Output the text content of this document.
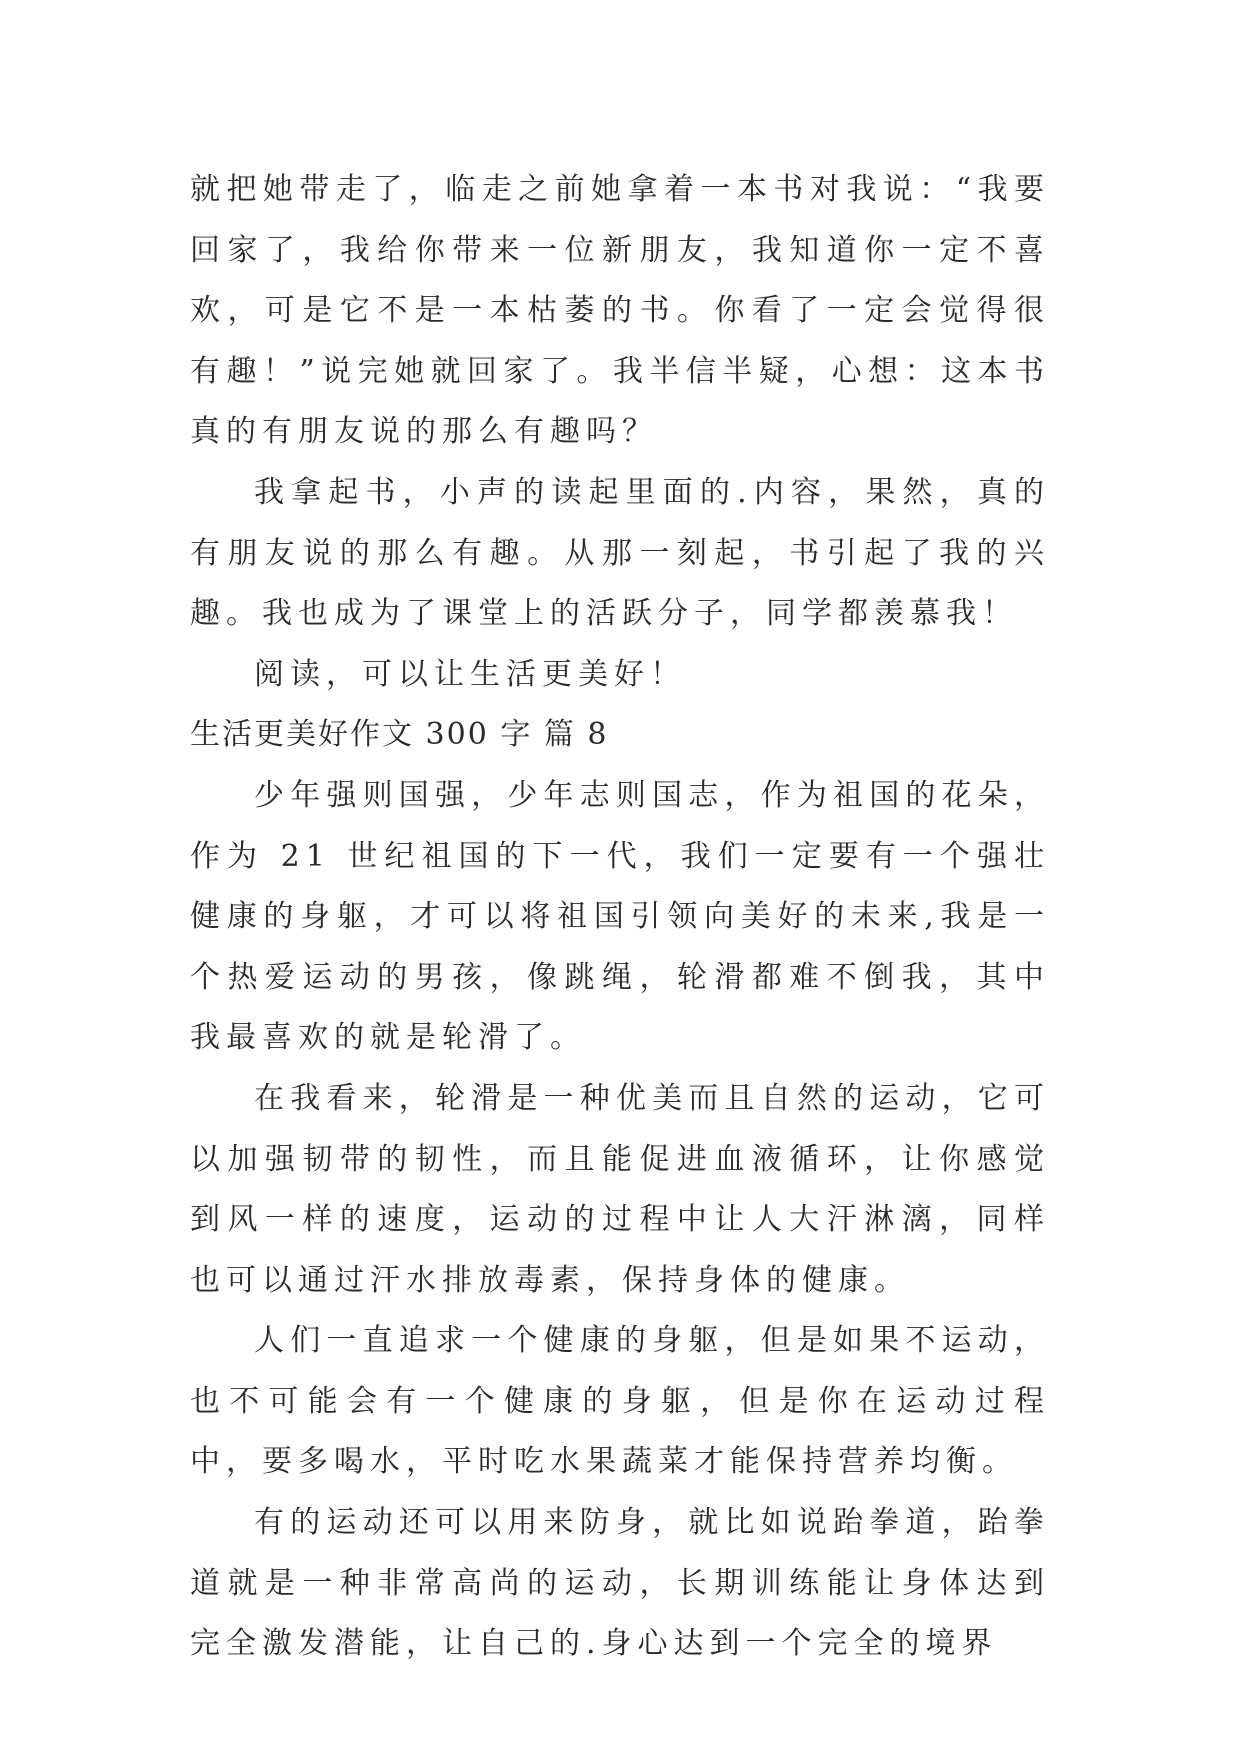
就把她带走了，临走之前她拿着一本书对我说：“我要回家了，我给你带来一位新朋友，我知道你一定不喜欢，可是它不是一本枯萎的书。你看了一定会觉得很有趣！”说完她就回家了。我半信半疑，心想：这本书真的有朋友说的那么有趣吗？

我拿起书，小声的读起里面的.内容，果然，真的有朋友说的那么有趣。从那一刻起，书引起了我的兴趣。我也成为了课堂上的活跃分子，同学都羡慕我！

阅读，可以让生活更美好！

生活更美好作文 300 字 篇 8

少年强则国强，少年志则国志，作为祖国的花朵，作为 21 世纪祖国的下一代，我们一定要有一个强壮健康的身躯，才可以将祖国引领向美好的未来,我是一个热爱运动的男孩，像跳绳，轮滑都难不倒我，其中我最喜欢的就是轮滑了。

在我看来，轮滑是一种优美而且自然的运动，它可以加强韧带的韧性，而且能促进血液循环，让你感觉到风一样的速度，运动的过程中让人大汗淋漓，同样也可以通过汗水排放毒素，保持身体的健康。

人们一直追求一个健康的身躯，但是如果不运动，也不可能会有一个健康的身躯，但是你在运动过程中，要多喝水，平时吃水果蔬菜才能保持营养均衡。

有的运动还可以用来防身，就比如说跆拳道，跆拳道就是一种非常高尚的运动，长期训练能让身体达到完全激发潜能，让自己的.身心达到一个完全的境界
